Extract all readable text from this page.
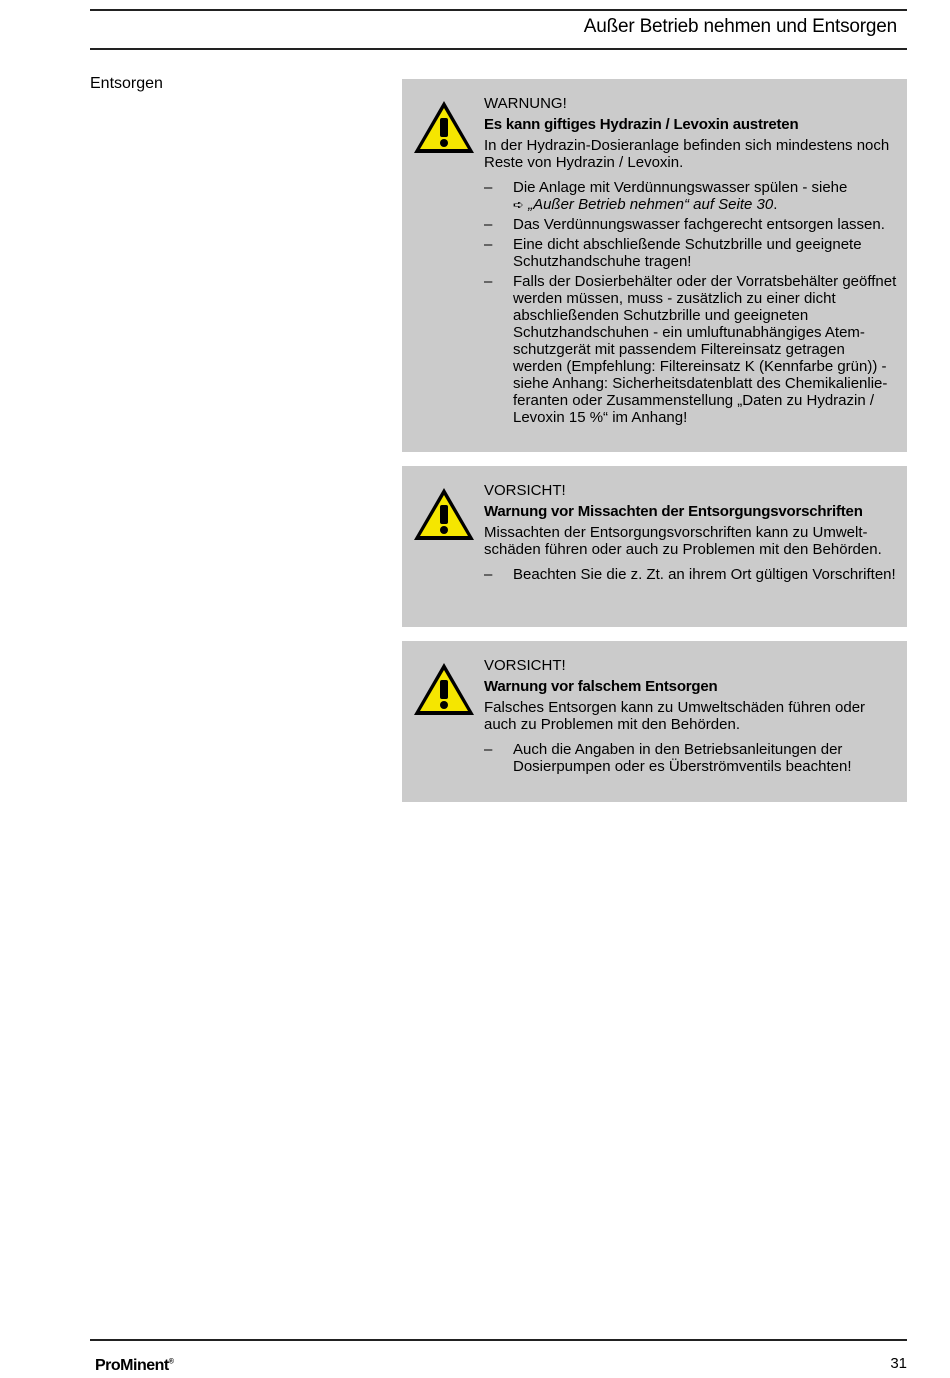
Außer Betrieb nehmen und Entsorgen
Entsorgen
WARNUNG!
Es kann giftiges Hydrazin / Levoxin austreten
In der Hydrazin-Dosieranlage befinden sich mindestens noch Reste von Hydrazin / Levoxin.
– Die Anlage mit Verdünnungswasser spülen - siehe
➪ „Außer Betrieb nehmen“ auf Seite 30.
– Das Verdünnungswasser fachgerecht entsorgen lassen.
– Eine dicht abschließende Schutzbrille und geeignete Schutzhandschuhe tragen!
– Falls der Dosierbehälter oder der Vorratsbehälter geöffnet werden müssen, muss - zusätzlich zu einer dicht abschließenden Schutzbrille und geeigneten Schutzhandschuhen - ein umluftunabhängiges Atemschutzgerät mit passendem Filtereinsatz getragen werden (Empfehlung: Filtereinsatz K (Kennfarbe grün)) - siehe Anhang: Sicherheitsdatenblatt des Chemikalienlieferanten oder Zusammenstellung „Daten zu Hydrazin / Levoxin 15 %“ im Anhang!
VORSICHT!
Warnung vor Missachten der Entsorgungsvorschriften
Missachten der Entsorgungsvorschriften kann zu Umweltschäden führen oder auch zu Problemen mit den Behörden.
– Beachten Sie die z. Zt. an ihrem Ort gültigen Vorschriften!
VORSICHT!
Warnung vor falschem Entsorgen
Falsches Entsorgen kann zu Umweltschäden führen oder auch zu Problemen mit den Behörden.
– Auch die Angaben in den Betriebsanleitungen der Dosierpumpen oder es Überströmventils beachten!
ProMinent®	31
